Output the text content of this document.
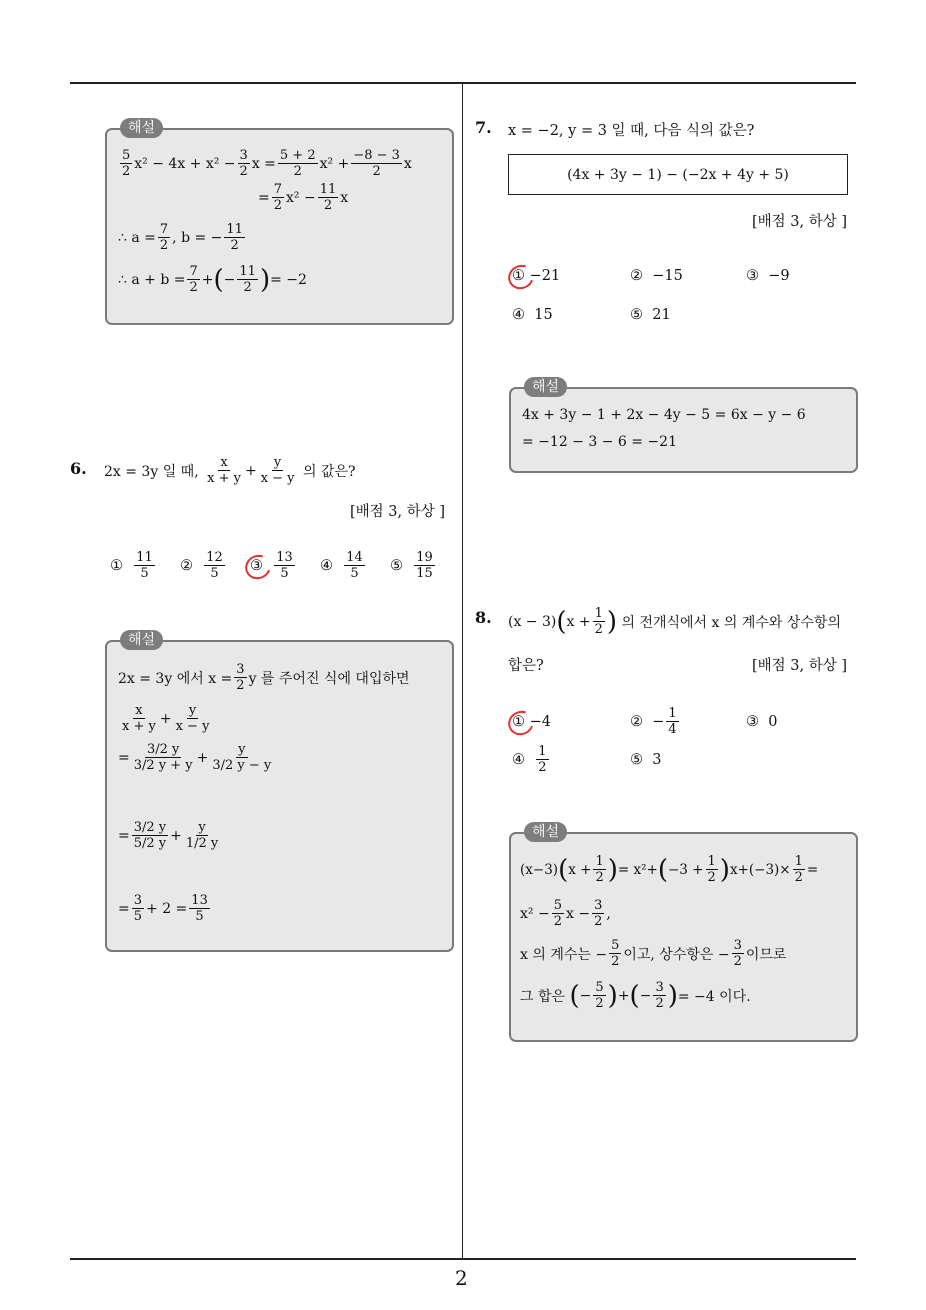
2
해설
$\frac{5}{2} x^2 - 4x + x^2 - \frac{3}{2}$ $x = \frac{5 + 2}{2} x^2 + \frac{-8 - 3}{2}$ x
= $\frac{7}{2} x^2 - \frac{11}{2}$ x
∴ $a = \frac{7}{2}$ , b = − $\frac{11}{2}$
∴ $a + b = \frac{7}{2}$ + ( − $\frac{11}{2}$ ) = −2
6. 2x = 3y 일 때,
$\frac{x}{x + y} + \frac{y}{x - y}$
의 값은?
[배점 3, 하상 ]
①
$\frac{11}{5}$ ②
$\frac{12}{5}$ ③
$\frac{13}{5}$ ④
$\frac{14}{5}$ ⑤
$\frac{19}{15}$
해설
2x = 3y 에서 $x = \frac{3}{2}$ y 를 주어진 식에 대입하면
$\frac{x}{x + y} + \frac{y}{x - y}$
= $\frac{3/2 y}{3/2 y + y} + \frac{y}{3/2 y - y}$
= $\frac{3/2 y}{5/2 y} + \frac{y}{1/2 y}$
= $\frac{3}{5} + 2 = \frac{13}{5}$
7. x = −2, y = 3 일 때, 다음 식의 값은?
(4x + 3y − 1) − (−2x + 4y + 5)
[배점 3, 하상 ]
①
−21	②
−15	③
−9
④
15	⑤
21
해설
4x + 3y − 1 + 2x − 4y − 5 = 6x − y − 6
= −12 − 3 − 6 = −21
8. (x − 3) ( $x + \frac{1}{2}$ )
의 전개식에서 x 의 계수와 상수항의
합은?	[배점 3, 하상 ]
①
−4	②
− $\frac{1}{4}$	③
0
④
$\frac{1}{2}$	⑤
3
해설
(x−3) ( $x + \frac{1}{2}$ ) = x²+ ( $-3 + \frac{1}{2}$ ) $x+(-3)\times \frac{1}{2}$ =
$x^2 - \frac{5}{2}$ $x - \frac{3}{2}$ ,
x 의 계수는 − $\frac{5}{2}$ 이고, 상수항은 − $\frac{3}{2}$ 이므로
그 합은
( − $\frac{5}{2}$ ) + ( − $\frac{3}{2}$ ) = −4 이다.
